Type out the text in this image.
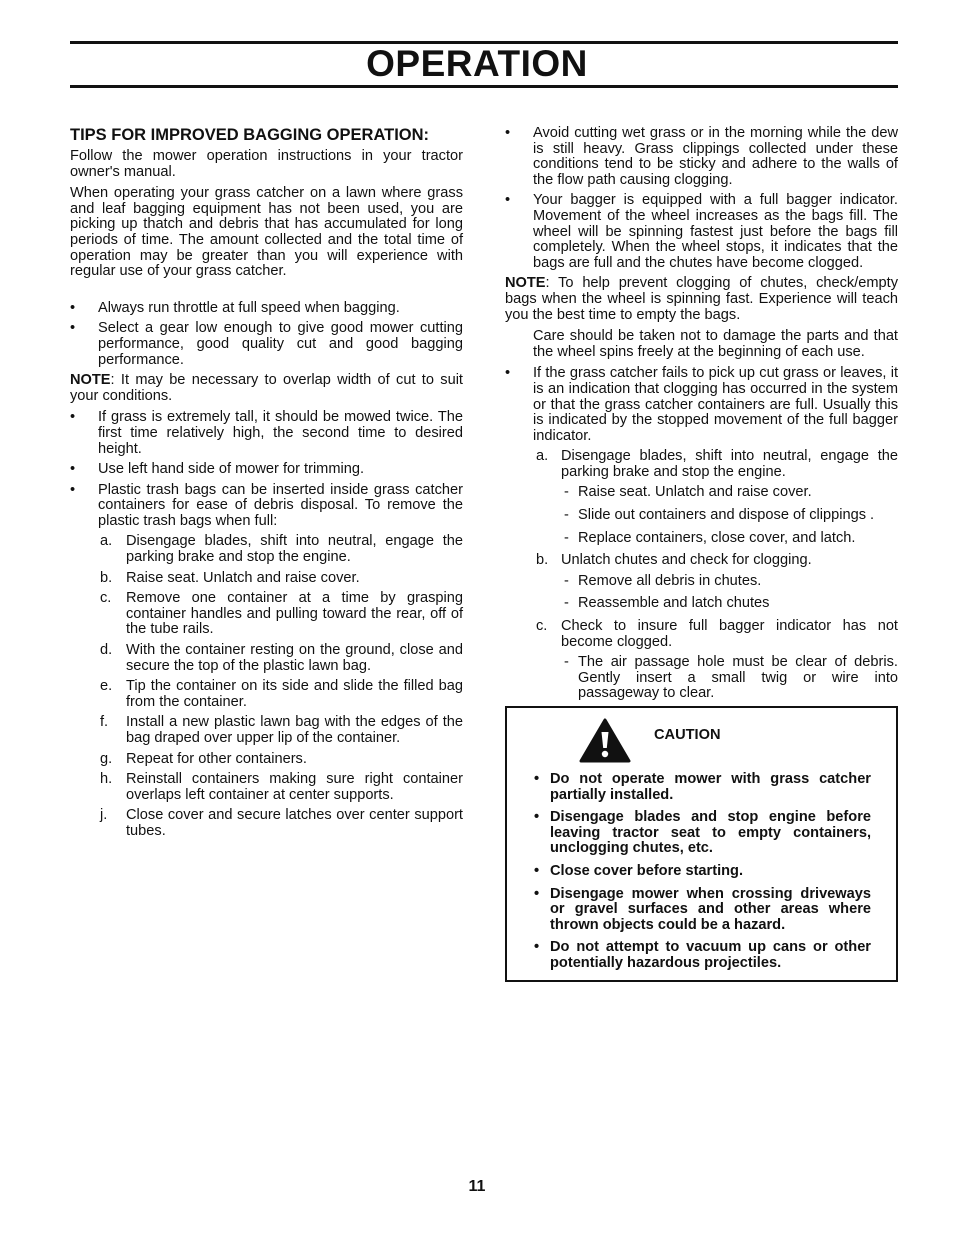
OPERATION
TIPS FOR IMPROVED BAGGING OPERATION:

Follow the mower operation instructions in your tractor owner's manual.

When operating your grass catcher on a lawn where grass and leaf bagging equipment has not been used, you are picking up thatch and debris that has accumulated for long periods of time. The amount collected and the total time of operation may be greater than you will experience with regular use of your grass catcher.

• Always run throttle at full speed when bagging.
• Select a gear low enough to give good mower cutting performance, good quality cut and good bagging performance.

NOTE: It may be necessary to overlap width of cut to suit your conditions.

• If grass is extremely tall, it should be mowed twice. The first time relatively high, the second time to desired height.
• Use left hand side of mower for trimming.
• Plastic trash bags can be inserted inside grass catcher containers for ease of debris disposal. To remove the plastic trash bags when full:
a. Disengage blades, shift into neutral, engage the parking brake and stop the engine.
b. Raise seat. Unlatch and raise cover.
c. Remove one container at a time by grasping container handles and pulling toward the rear, off of the tube rails.
d. With the container resting on the ground, close and secure the top of the plastic lawn bag.
e. Tip the container on its side and slide the filled bag from the container.
f. Install a new plastic lawn bag with the edges of the bag draped over upper lip of the container.
g. Repeat for other containers.
h. Reinstall containers making sure right container overlaps left container at center supports.
j. Close cover and secure latches over center support tubes.
• Avoid cutting wet grass or in the morning while the dew is still heavy. Grass clippings collected under these conditions tend to be sticky and adhere to the walls of the flow path causing clogging.
• Your bagger is equipped with a full bagger indicator. Movement of the wheel increases as the bags fill. The wheel will be spinning fastest just before the bags fill completely. When the wheel stops, it indicates that the bags are full and the chutes have become clogged.

NOTE: To help prevent clogging of chutes, check/empty bags when the wheel is spinning fast. Experience will teach you the best time to empty the bags.

Care should be taken not to damage the parts and that the wheel spins freely at the beginning of each use.

• If the grass catcher fails to pick up cut grass or leaves, it is an indication that clogging has occurred in the system or that the grass catcher containers are full. Usually this is indicated by the stopped movement of the full bagger indicator.
a. Disengage blades, shift into neutral, engage the parking brake and stop the engine.
- Raise seat. Unlatch and raise cover.
- Slide out containers and dispose of clippings .
- Replace containers, close cover, and latch.
b. Unlatch chutes and check for clogging.
- Remove all debris in chutes.
- Reassemble and latch chutes
c. Check to insure full bagger indicator has not become clogged.
- The air passage hole must be clear of debris. Gently insert a small twig or wire into passageway to clear.
CAUTION
• Do not operate mower with grass catcher partially installed.
• Disengage blades and stop engine before leaving tractor seat to empty containers, unclogging chutes, etc.
• Close cover before starting.
• Disengage mower when crossing driveways or gravel surfaces and other areas where thrown objects could be a hazard.
• Do not attempt to vacuum up cans or other potentially hazardous projectiles.
11
